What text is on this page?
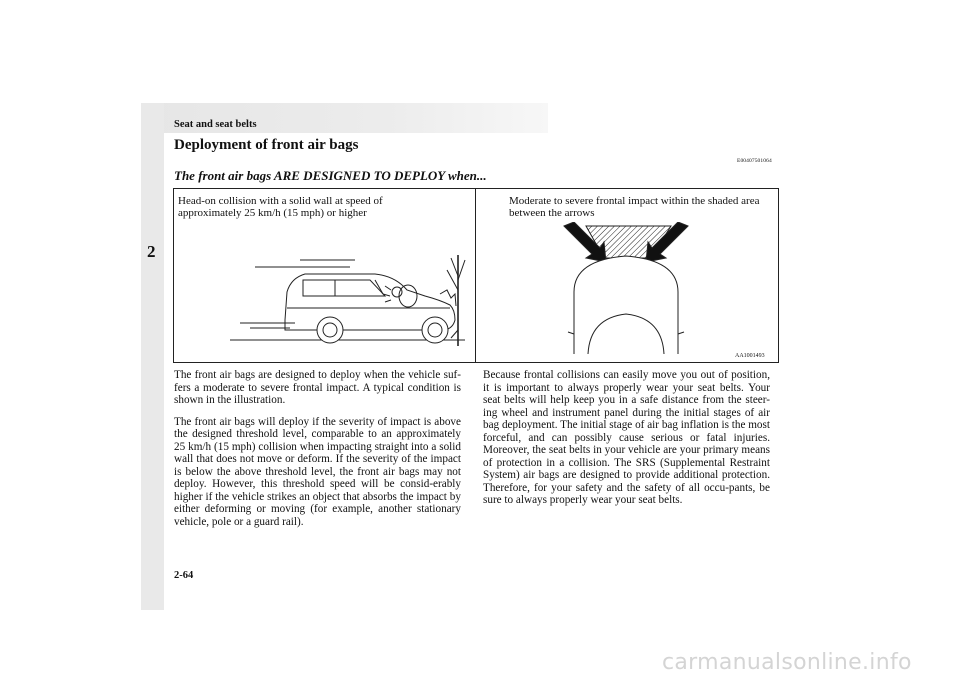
Seat and seat belts
2
Deployment of front air bags
E00407501064
The front air bags ARE DESIGNED TO DEPLOY when...
Head-on collision with a solid wall at speed of approximately 25 km/h (15 mph) or higher
Moderate to severe frontal impact within the shaded area between the arrows
AA1001493

The front air bags are designed to deploy when the vehicle suf-fers a moderate to severe frontal impact. A typical condition is shown in the illustration.

The front air bags will deploy if the severity of impact is above the designed threshold level, comparable to an approximately 25 km/h (15 mph) collision when impacting straight into a solid wall that does not move or deform. If the severity of the impact is below the above threshold level, the front air bags may not deploy. However, this threshold speed will be consid-erably higher if the vehicle strikes an object that absorbs the impact by either deforming or moving (for example, another stationary vehicle, pole or a guard rail).

Because frontal collisions can easily move you out of position, it is important to always properly wear your seat belts. Your seat belts will help keep you in a safe distance from the steer-ing wheel and instrument panel during the initial stages of air bag deployment. The initial stage of air bag inflation is the most forceful, and can possibly cause serious or fatal injuries. Moreover, the seat belts in your vehicle are your primary means of protection in a collision. The SRS (Supplemental Restraint System) air bags are designed to provide additional protection. Therefore, for your safety and the safety of all occu-pants, be sure to always properly wear your seat belts.

2-64
carmanualsonline.info
